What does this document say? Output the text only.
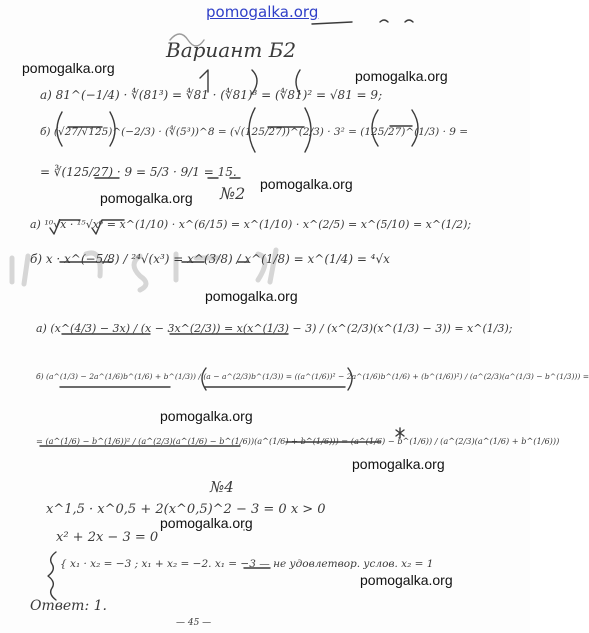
Вариант Б2
а) 81^(−1/4) · ∜(81³) = ∜81 · (∜81)³ = (∜81)² = √81 = 9;
б) (√27/√125)^(−2/3) · (∜(5³))^8 = (√(125/27))^(2/3) · 3² = (125/27)^(1/3) · 9 =
= ∛(125/27) · 9 = 5/3 · 9/1 = 15.
№2
а) ¹⁰√x · ¹⁵√x⁶ = x^(1/10) · x^(6/15) = x^(1/10) · x^(2/5) = x^(5/10) = x^(1/2);
б) x · x^(−5/8) / ²⁴√(x³) = x^(3/8) / x^(1/8) = x^(1/4) = ⁴√x
а) (x^(4/3) − 3x) / (x − 3x^(2/3)) = x(x^(1/3) − 3) / (x^(2/3)(x^(1/3) − 3)) = x^(1/3);
б) (a^(1/3) − 2a^(1/6)b^(1/6) + b^(1/3)) / (a − a^(2/3)b^(1/3)) = ((a^(1/6))² − 2a^(1/6)b^(1/6) + (b^(1/6))²) / (a^(2/3)(a^(1/3) − b^(1/3))) =
= (a^(1/6) − b^(1/6))² / (a^(2/3)(a^(1/6) − b^(1/6))(a^(1/6) + b^(1/6))) = (a^(1/6) − b^(1/6)) / (a^(2/3)(a^(1/6) + b^(1/6)))
№4
x^1,5 · x^0,5 + 2(x^0,5)^2 − 3 = 0 x > 0
x² + 2x − 3 = 0
{ x₁ · x₂ = −3 ; x₁ + x₂ = −2. x₁ = −3 — не удовлетвор. услов. x₂ = 1
Ответ: 1.
— 45 —
pomogalka.org
pomogalka.org	pomogalka.org
pomogalka.org
pomogalka.org
pomogalka.org
pomogalka.org
pomogalka.org
pomogalka.org
pomogalka.org
